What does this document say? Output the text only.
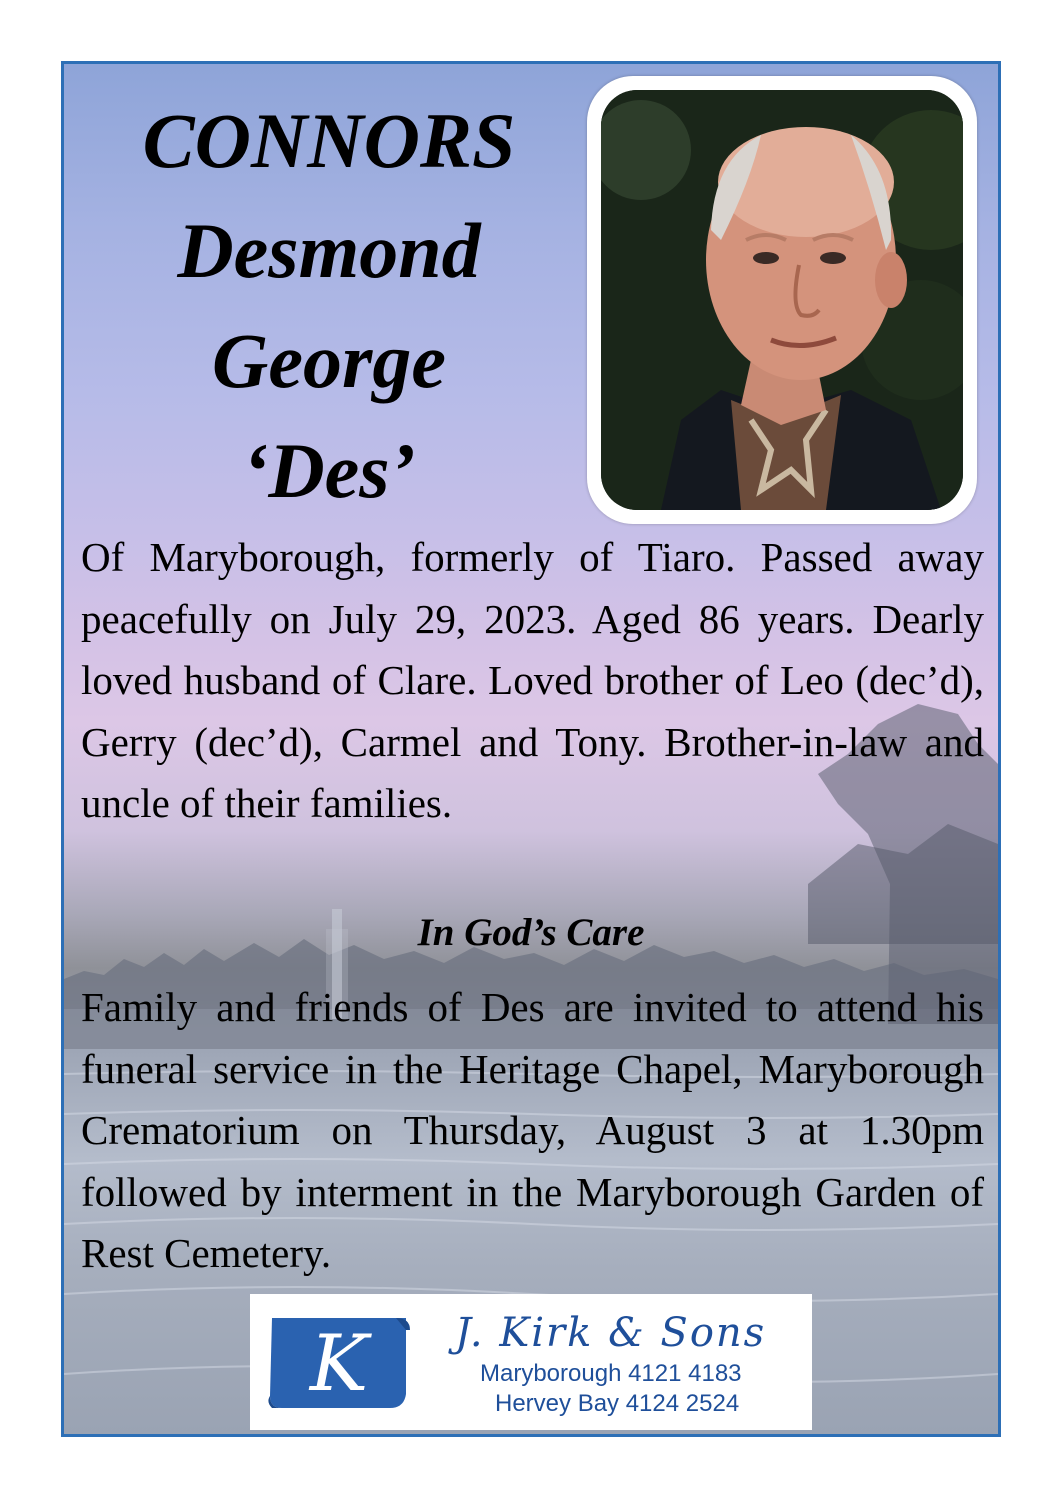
CONNORS
Desmond
George
‘Des’

Of Maryborough, formerly of Tiaro. Passed away peacefully on July 29, 2023. Aged 86 years. Dearly loved husband of Clare. Loved brother of Leo (dec’d), Gerry (dec’d), Carmel and Tony. Brother-in-law and uncle of their families.

In God’s Care

Family and friends of Des are invited to attend his funeral service in the Heritage Chapel, Maryborough Crematorium on Thursday, August 3 at 1.30pm followed by interment in the Maryborough Garden of Rest Cemetery.

K J. Kirk & Sons
Maryborough 4121 4183
Hervey Bay 4124 2524
